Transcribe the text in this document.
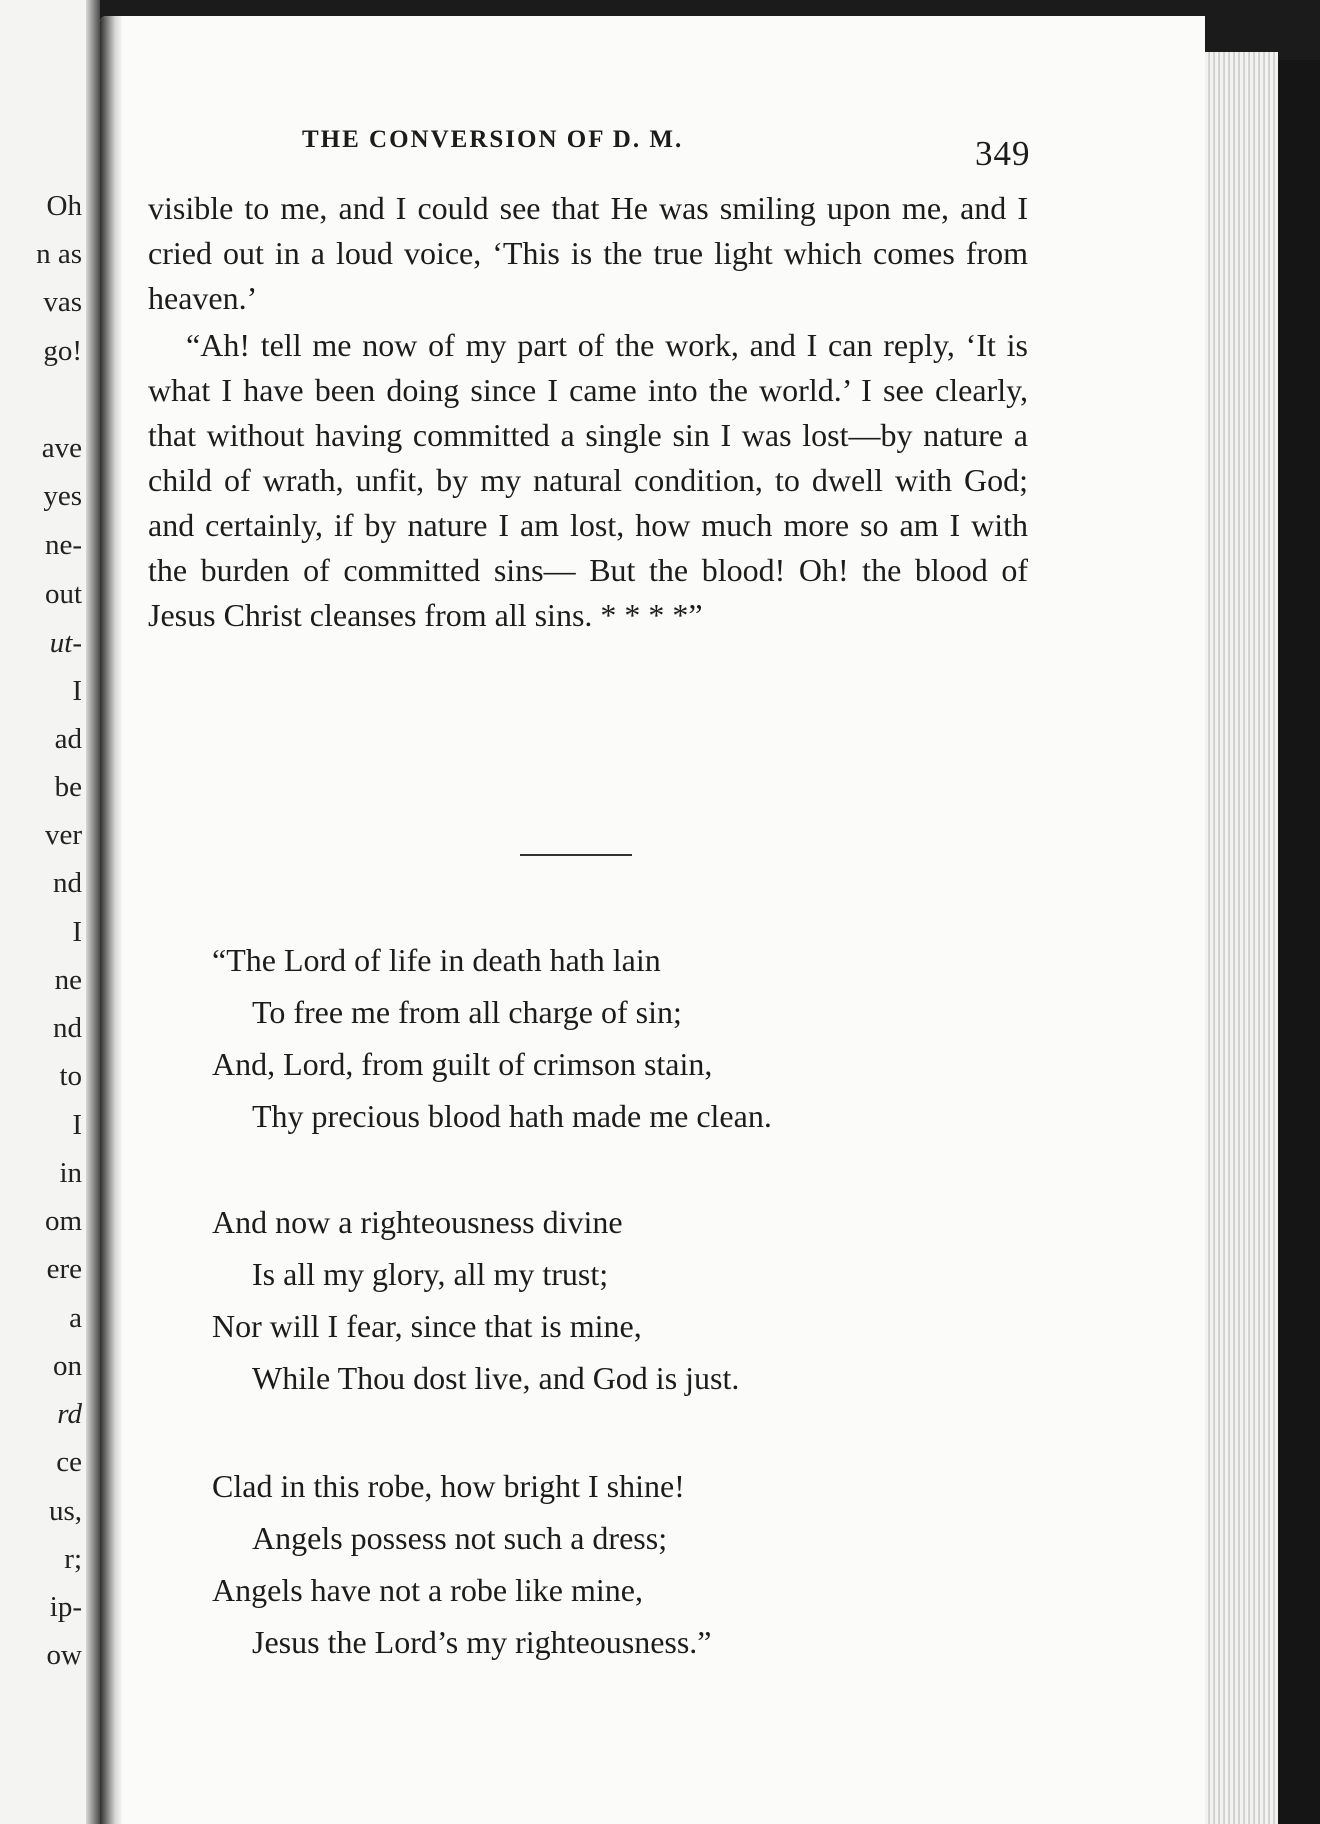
Oh
n as
vas
go!
ave
yes
ne-
out
ut-
I
ad
be
ver
nd
I
ne
nd
to
I
in
om
ere
a
on
rd
ce
us,
r;
ip-
ow
THE CONVERSION OF D. M.	349

visible to me, and I could see that He was smiling upon me, and I cried out in a loud voice, ‘This is the true light which comes from heaven.’

“Ah! tell me now of my part of the work, and I can reply, ‘It is what I have been doing since I came into the world.’ I see clearly, that without having committed a single sin I was lost—by nature a child of wrath, unfit, by my natural condition, to dwell with God; and certainly, if by nature I am lost, how much more so am I with the burden of committed sins— But the blood! Oh! the blood of Jesus Christ cleanses from all sins. * * * *”

“The Lord of life in death hath lain
To free me from all charge of sin;
And, Lord, from guilt of crimson stain,
Thy precious blood hath made me clean.
And now a righteousness divine
Is all my glory, all my trust;
Nor will I fear, since that is mine,
While Thou dost live, and God is just.
Clad in this robe, how bright I shine!
Angels possess not such a dress;
Angels have not a robe like mine,
Jesus the Lord’s my righteousness.”
